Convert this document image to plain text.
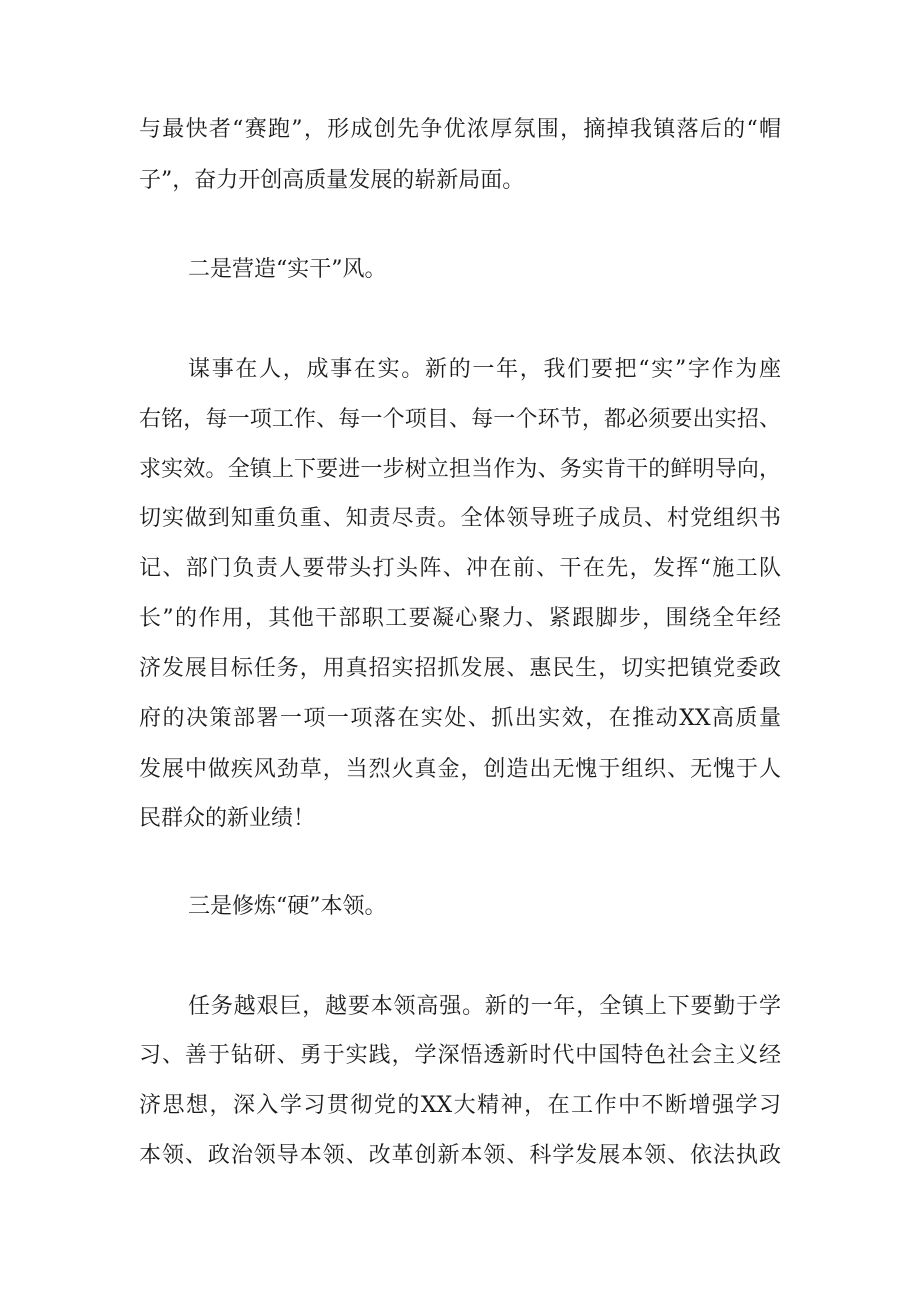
与最快者“赛跑”，形成创先争优浓厚氛围，摘掉我镇落后的“帽

子”，奋力开创高质量发展的崭新局面。

二是营造“实干”风。

谋事在人，成事在实。新的一年，我们要把“实”字作为座

右铭，每一项工作、每一个项目、每一个环节，都必须要出实招、

求实效。全镇上下要进一步树立担当作为、务实肯干的鲜明导向，

切实做到知重负重、知责尽责。全体领导班子成员、村党组织书

记、部门负责人要带头打头阵、冲在前、干在先，发挥“施工队

长”的作用，其他干部职工要凝心聚力、紧跟脚步，围绕全年经

济发展目标任务，用真招实招抓发展、惠民生，切实把镇党委政

府的决策部署一项一项落在实处、抓出实效，在推动XX高质量

发展中做疾风劲草，当烈火真金，创造出无愧于组织、无愧于人

民群众的新业绩！

三是修炼“硬”本领。

任务越艰巨，越要本领高强。新的一年，全镇上下要勤于学

习、善于钻研、勇于实践，学深悟透新时代中国特色社会主义经

济思想，深入学习贯彻党的XX大精神，在工作中不断增强学习

本领、政治领导本领、改革创新本领、科学发展本领、依法执政
